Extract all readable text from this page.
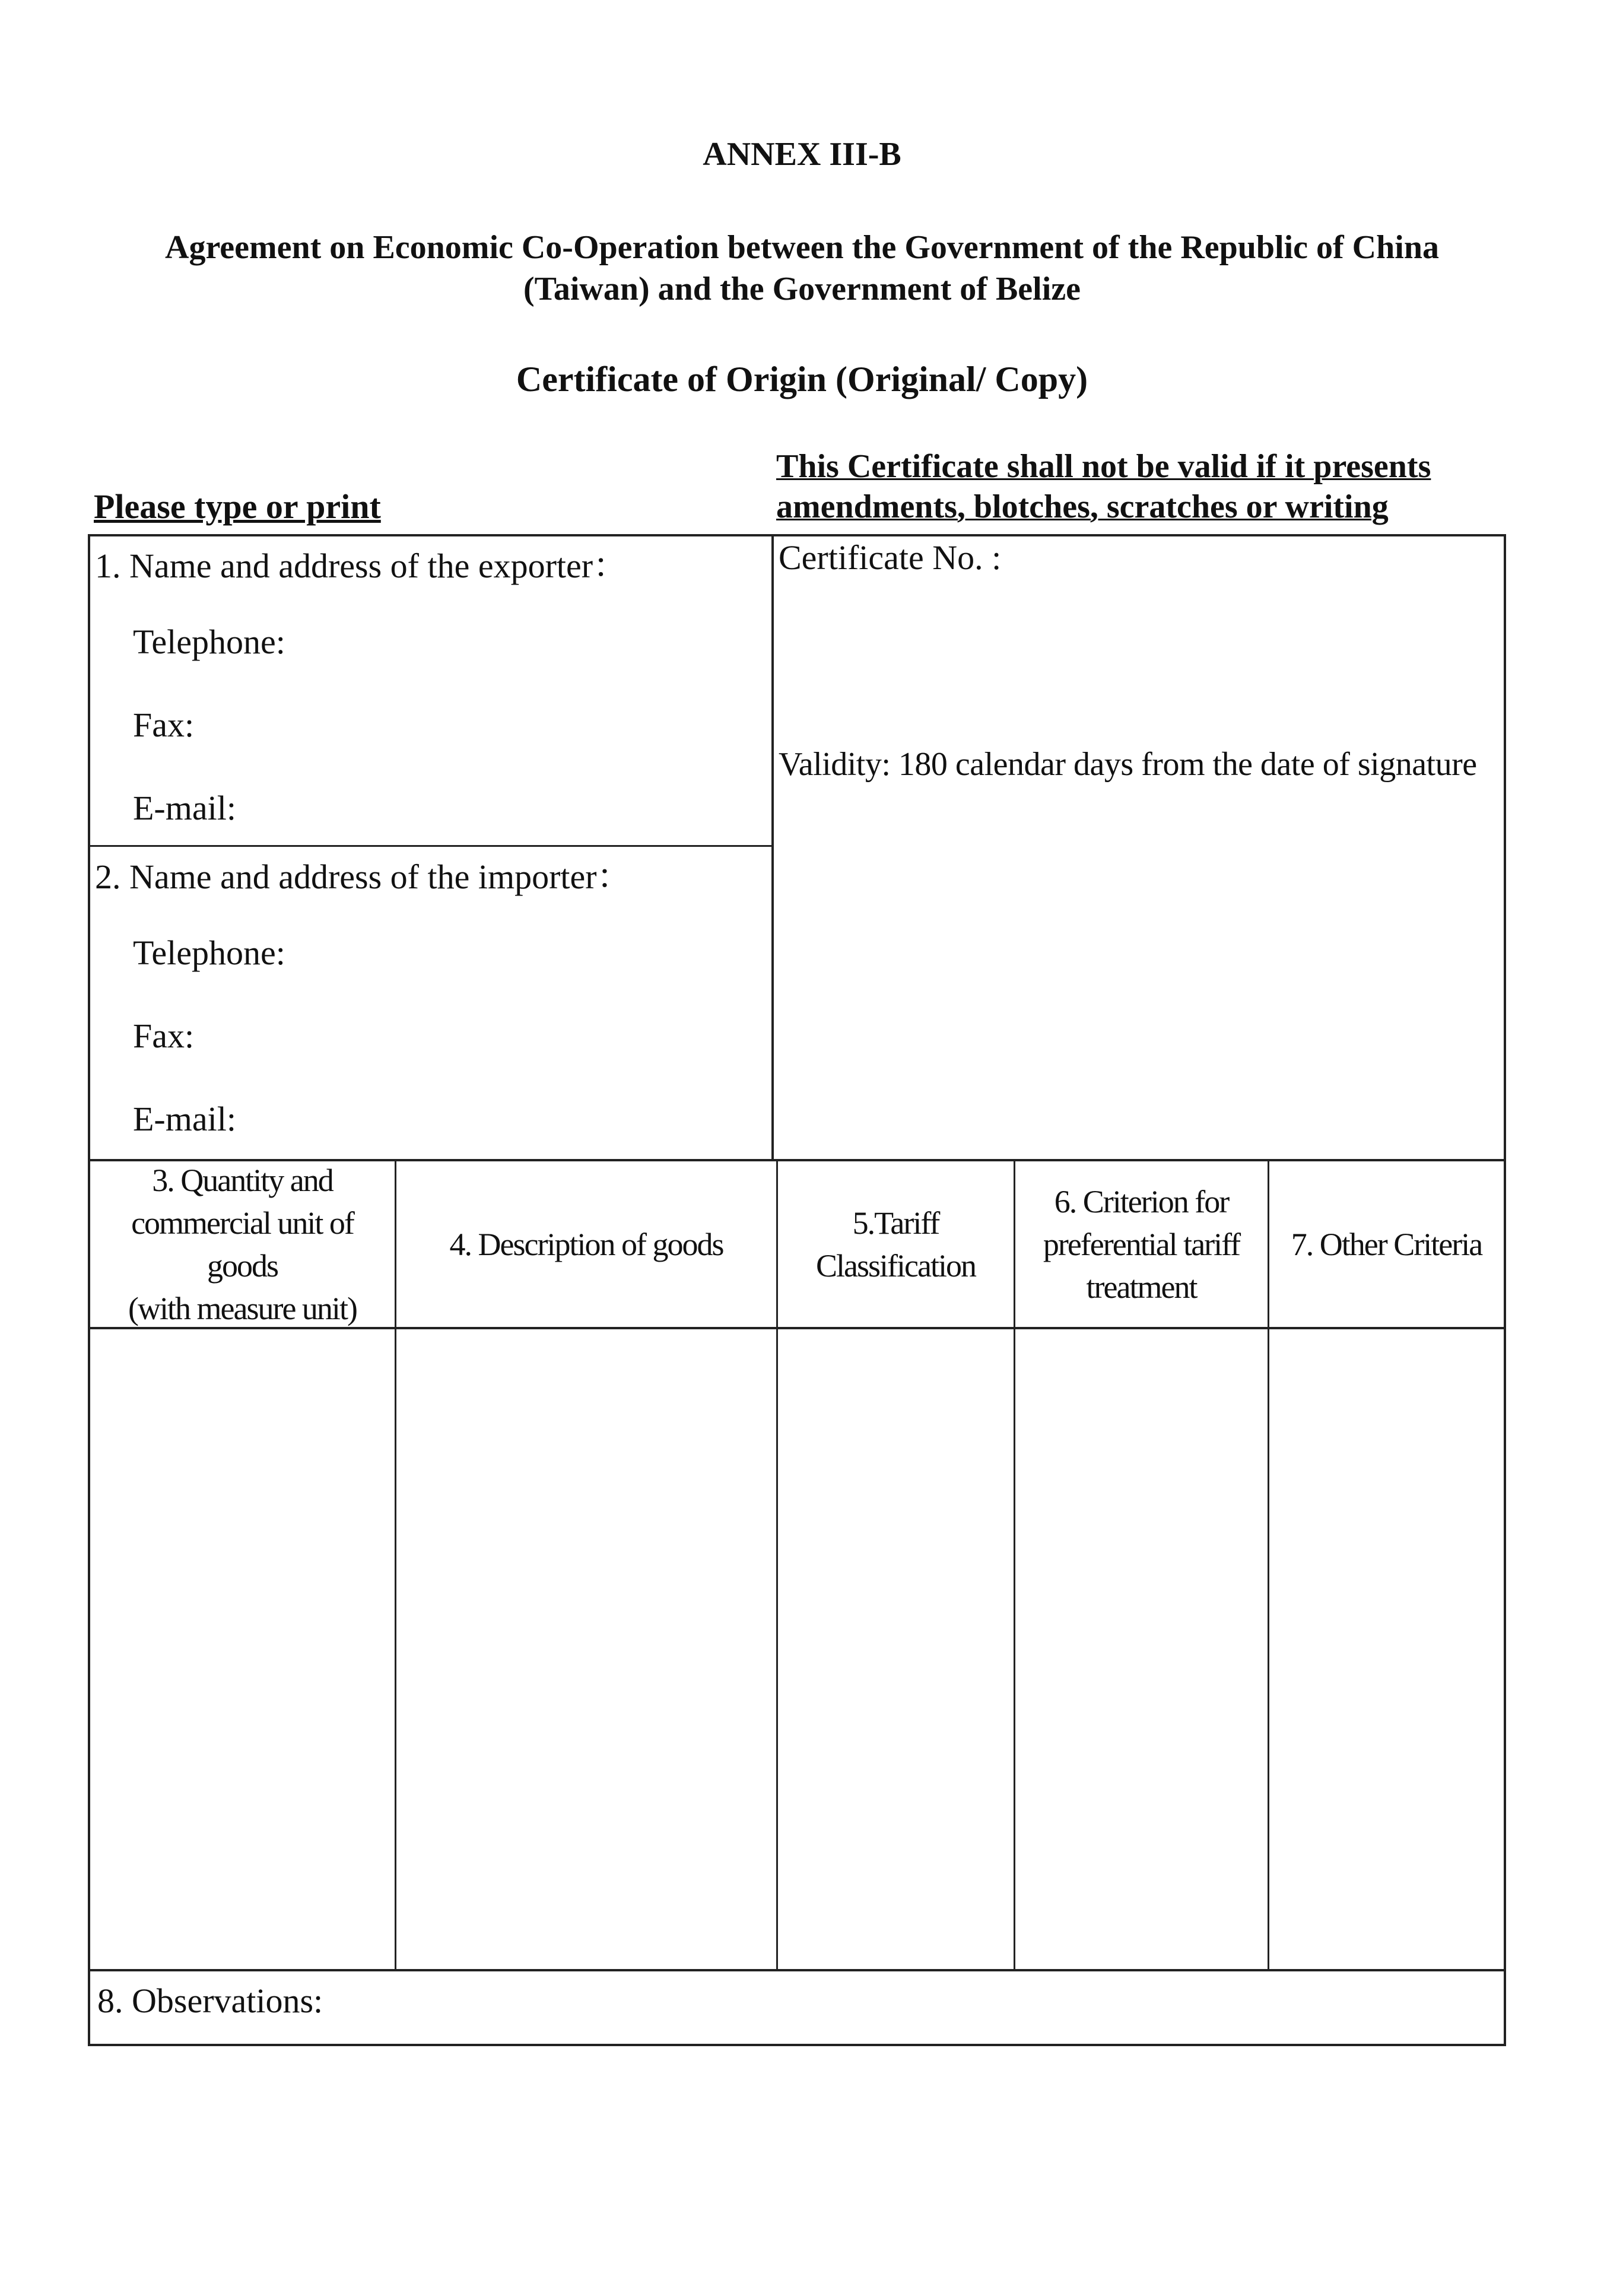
ANNEX III-B
Agreement on Economic Co-Operation between the Government of the Republic of China
(Taiwan) and the Government of Belize
Certificate of Origin (Original/ Copy)
Please type or print
This Certificate shall not be valid if it presents
amendments, blotches, scratches or writing
1. Name and address of the exporter：
Telephone:
Fax:
E-mail:
2. Name and address of the importer：
Telephone:
Fax:
E-mail:
Certificate No. :
Validity: 180 calendar days from the date of signature
3. Quantity and
commercial unit of
goods
(with measure unit)
4. Description of goods
5.Tariff
Classification
6. Criterion for
preferential tariff
treatment
7. Other Criteria
8. Observations:
